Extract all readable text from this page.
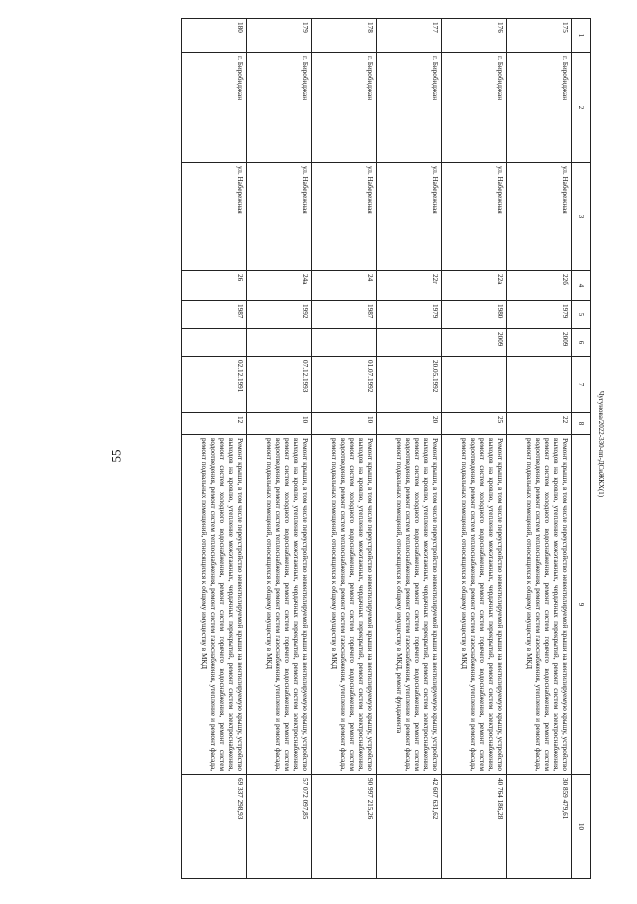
55	Чугунова/2022-330-пп-ДСиЖКХ(1)
1	2	3	4	5	6	7	8	9	10
175	г. Биробиджан	ул. Набережная	22б	1979	2009		22	Ремонт крыши, в том числе переустройство невентилируемой крыши на вентилируемую крышу, устройство выходов на кровлю, утепление межэтажных, чердачных перекрытий, ремонт систем электроснабжения, ремонт систем холодного водоснабжения, ремонт систем горячего водоснабжения, ремонт систем водоотведения, ремонт систем теплоснабжения, ремонт систем газоснабжения, утепление и ремонт фасада, ремонт подвальных помещений, относящихся к общему имуществу в МКД	30 859 479,61
176	г. Биробиджан	ул. Набережная	22а	1980	2009		25	Ремонт крыши, в том числе переустройство невентилируемой крыши на вентилируемую крышу, устройство выходов на кровлю, утепление межэтажных, чердачных перекрытий, ремонт систем электроснабжения, ремонт систем холодного водоснабжения, ремонт систем горячего водоснабжения, ремонт систем водоотведения, ремонт систем теплоснабжения, ремонт систем газоснабжения, утепление и ремонт фасада, ремонт подвальных помещений, относящихся к общему имуществу в МКД	40 764 186,28
177	г. Биробиджан	ул. Набережная	22г	1979		20.05.1992	20	Ремонт крыши, в том числе переустройство невентилируемой крыши на вентилируемую крышу, устройство выходов на кровлю, утепление межэтажных, чердачных перекрытий, ремонт систем электроснабжения, ремонт систем холодного водоснабжения, ремонт систем горячего водоснабжения, ремонт систем водоотведения, ремонт систем теплоснабжения, ремонт систем газоснабжения, утепление и ремонт фасада, ремонт подвальных помещений, относящихся к общему имуществу в МКД, ремонт фундамента	42 607 631,62
178	г. Биробиджан	ул. Набережная	24	1987		01.07.1992	10	Ремонт крыши, в том числе переустройство невентилируемой крыши на вентилируемую крышу, устройство выходов на кровлю, утепление межэтажных, чердачных перекрытий, ремонт систем электроснабжения, ремонт систем холодного водоснабжения, ремонт систем горячего водоснабжения, ремонт систем водоотведения, ремонт систем теплоснабжения, ремонт систем газоснабжения, утепление и ремонт фасада, ремонт подвальных помещений, относящихся к общему имуществу в МКД	90 997 215,26
179	г. Биробиджан	ул. Набережная	24а	1992		07.12.1993	10	Ремонт крыши, в том числе переустройство невентилируемой крыши на вентилируемую крышу, устройство выходов на кровлю, утепление межэтажных, чердачных перекрытий, ремонт систем электроснабжения, ремонт систем холодного водоснабжения, ремонт систем горячего водоснабжения, ремонт систем водоотведения, ремонт систем теплоснабжения, ремонт систем газоснабжения, утепление и ремонт фасада, ремонт подвальных помещений, относящихся к общему имуществу в МКД	57 072 097,85
180	г. Биробиджан	ул. Набережная	26	1987		02.12.1991	12	Ремонт крыши, в том числе переустройство невентилируемой крыши на вентилируемую крышу, устройство выходов на кровлю, утепление межэтажных, чердачных перекрытий, ремонт систем электроснабжения, ремонт систем холодного водоснабжения, ремонт систем горячего водоснабжения, ремонт систем водоотведения, ремонт систем теплоснабжения, ремонт систем газоснабжения, утепление и ремонт фасада, ремонт подвальных помещений, относящихся к общему имуществу в МКД	69 337 298,93
